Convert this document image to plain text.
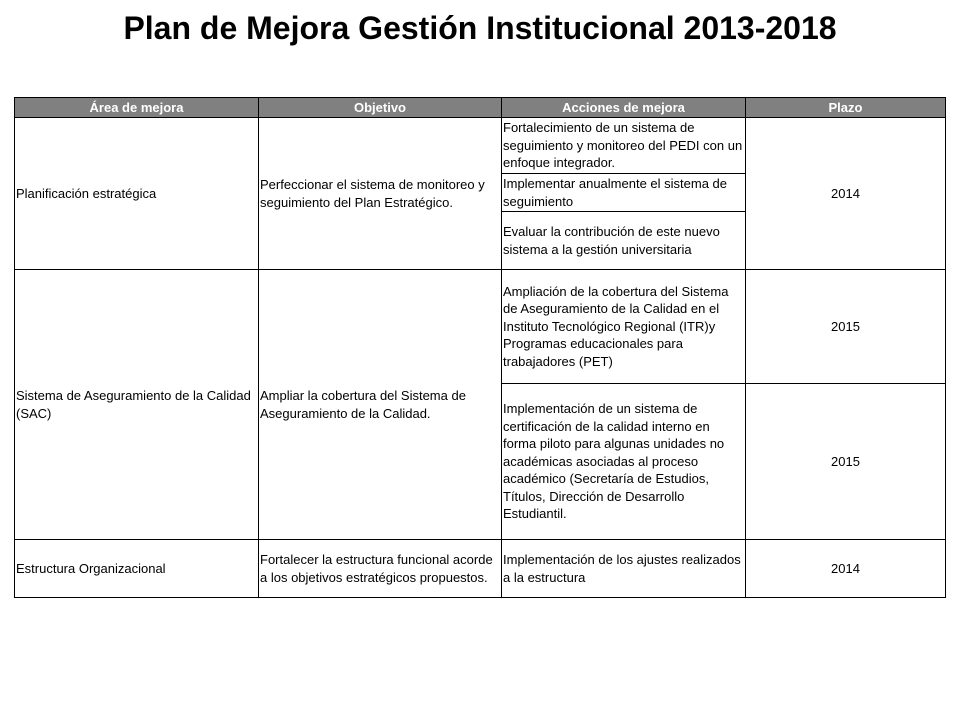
Plan de Mejora Gestión Institucional 2013-2018
Área de mejora	Objetivo	Acciones de mejora	Plazo
Planificación estratégica	Perfeccionar el sistema de monitoreo y seguimiento del Plan Estratégico.	Fortalecimiento de un sistema de seguimiento y monitoreo del PEDI con un enfoque integrador.	2014
		Implementar anualmente el sistema de seguimiento	
		Evaluar la contribución de este nuevo sistema a la gestión universitaria	
Sistema de Aseguramiento de la Calidad (SAC)	Ampliar la cobertura del Sistema de Aseguramiento de la Calidad.	Ampliación de la cobertura del Sistema de Aseguramiento de la Calidad en el Instituto Tecnológico Regional (ITR)y Programas educacionales para trabajadores (PET)	2015
		Implementación de un sistema de certificación de la calidad interno en forma piloto para algunas unidades no académicas asociadas al proceso académico (Secretaría de Estudios, Títulos, Dirección de Desarrollo Estudiantil.	2015
Estructura Organizacional	Fortalecer la estructura funcional acorde a los objetivos estratégicos propuestos.	Implementación de los ajustes realizados a la estructura	2014
